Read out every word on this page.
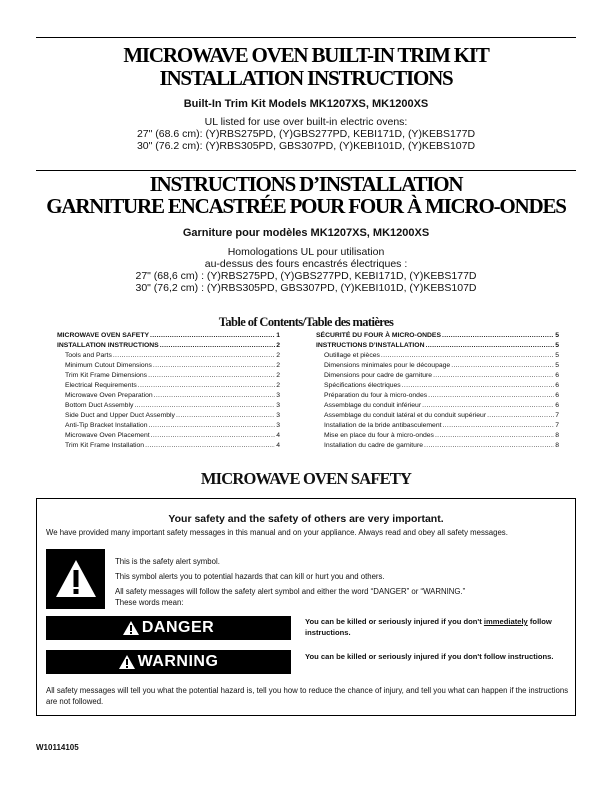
MICROWAVE OVEN BUILT-IN TRIM KIT
INSTALLATION INSTRUCTIONS
Built-In Trim Kit Models MK1207XS, MK1200XS
UL listed for use over built-in electric ovens:
27" (68.6 cm): (Y)RBS275PD, (Y)GBS277PD, KEBI171D, (Y)KEBS177D
30" (76.2 cm): (Y)RBS305PD, GBS307PD, (Y)KEBI101D, (Y)KEBS107D
INSTRUCTIONS D’INSTALLATION
GARNITURE ENCASTRÉE POUR FOUR À MICRO-ONDES
Garniture pour modèles MK1207XS, MK1200XS
Homologations UL pour utilisation
au-dessus des fours encastrés électriques :
27" (68,6 cm) : (Y)RBS275PD, (Y)GBS277PD, KEBI171D, (Y)KEBS177D
30" (76,2 cm) : (Y)RBS305PD, GBS307PD, (Y)KEBI101D, (Y)KEBS107D
Table of Contents/Table des matières
MICROWAVE OVEN SAFETY .....	1
INSTALLATION INSTRUCTIONS .....	2
Tools and Parts .....	2
Minimum Cutout Dimensions .....	2
Trim Kit Frame Dimensions .....	2
Electrical Requirements .....	2
Microwave Oven Preparation .....	3
Bottom Duct Assembly .....	3
Side Duct and Upper Duct Assembly .....	3
Anti-Tip Bracket Installation .....	3
Microwave Oven Placement .....	4
Trim Kit Frame Installation .....	4
SÉCURITÉ DU FOUR À MICRO-ONDES .....	5
INSTRUCTIONS D’INSTALLATION .....	5
Outillage et pièces .....	5
Dimensions minimales pour le découpage .....	5
Dimensions pour cadre de garniture .....	6
Spécifications électriques .....	6
Préparation du four à micro-ondes .....	6
Assemblage du conduit inférieur .....	6
Assemblage du conduit latéral et du conduit supérieur .....	7
Installation de la bride antibasculement .....	7
Mise en place du four à micro-ondes .....	8
Installation du cadre de garniture .....	8
MICROWAVE OVEN SAFETY
Your safety and the safety of others are very important.
We have provided many important safety messages in this manual and on your appliance. Always read and obey all safety messages.

This is the safety alert symbol.

This symbol alerts you to potential hazards that can kill or hurt you and others.

All safety messages will follow the safety alert symbol and either the word “DANGER” or “WARNING.”

These words mean:

DANGER	You can be killed or seriously injured if you don't immediately follow instructions.
WARNING	You can be killed or seriously injured if you don't follow instructions.
All safety messages will tell you what the potential hazard is, tell you how to reduce the chance of injury, and tell you what can happen if the instructions are not followed.
W10114105
